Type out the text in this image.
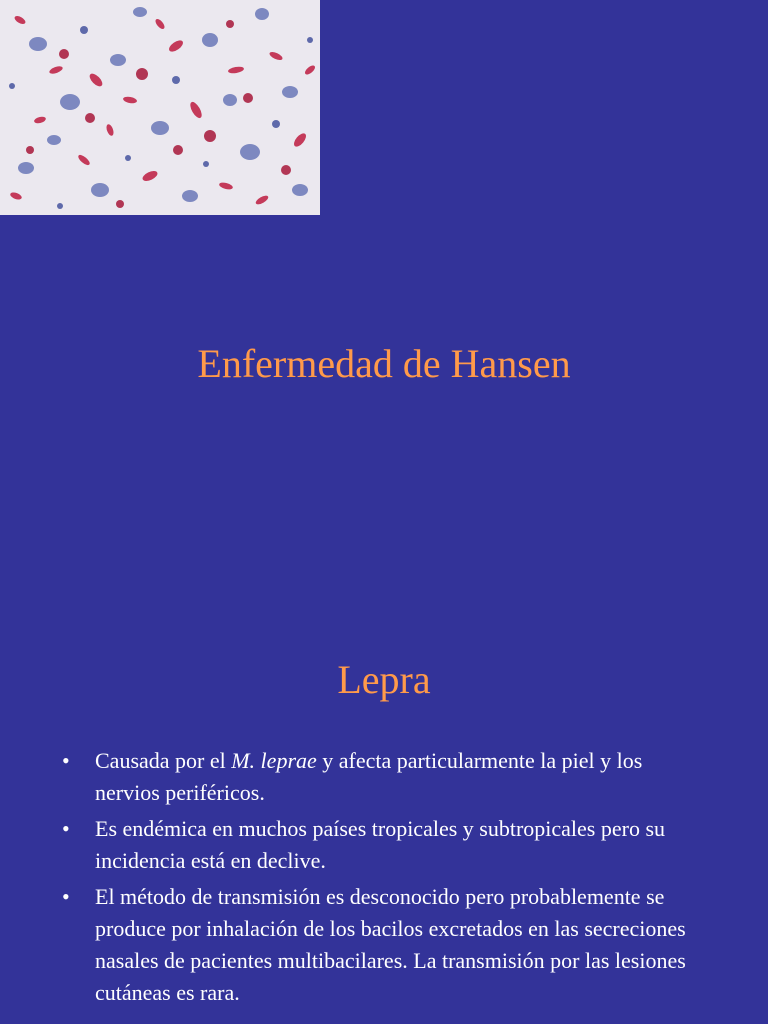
Enfermedad de Hansen
Lepra
• Causada por el M. leprae y afecta particularmente la piel y los nervios periféricos.
• Es endémica en muchos países tropicales y subtropicales pero su incidencia está en declive.
• El método de transmisión es desconocido pero probablemente se produce por inhalación de los bacilos excretados en las secreciones nasales de pacientes multibacilares. La transmisión por las lesiones cutáneas es rara.
